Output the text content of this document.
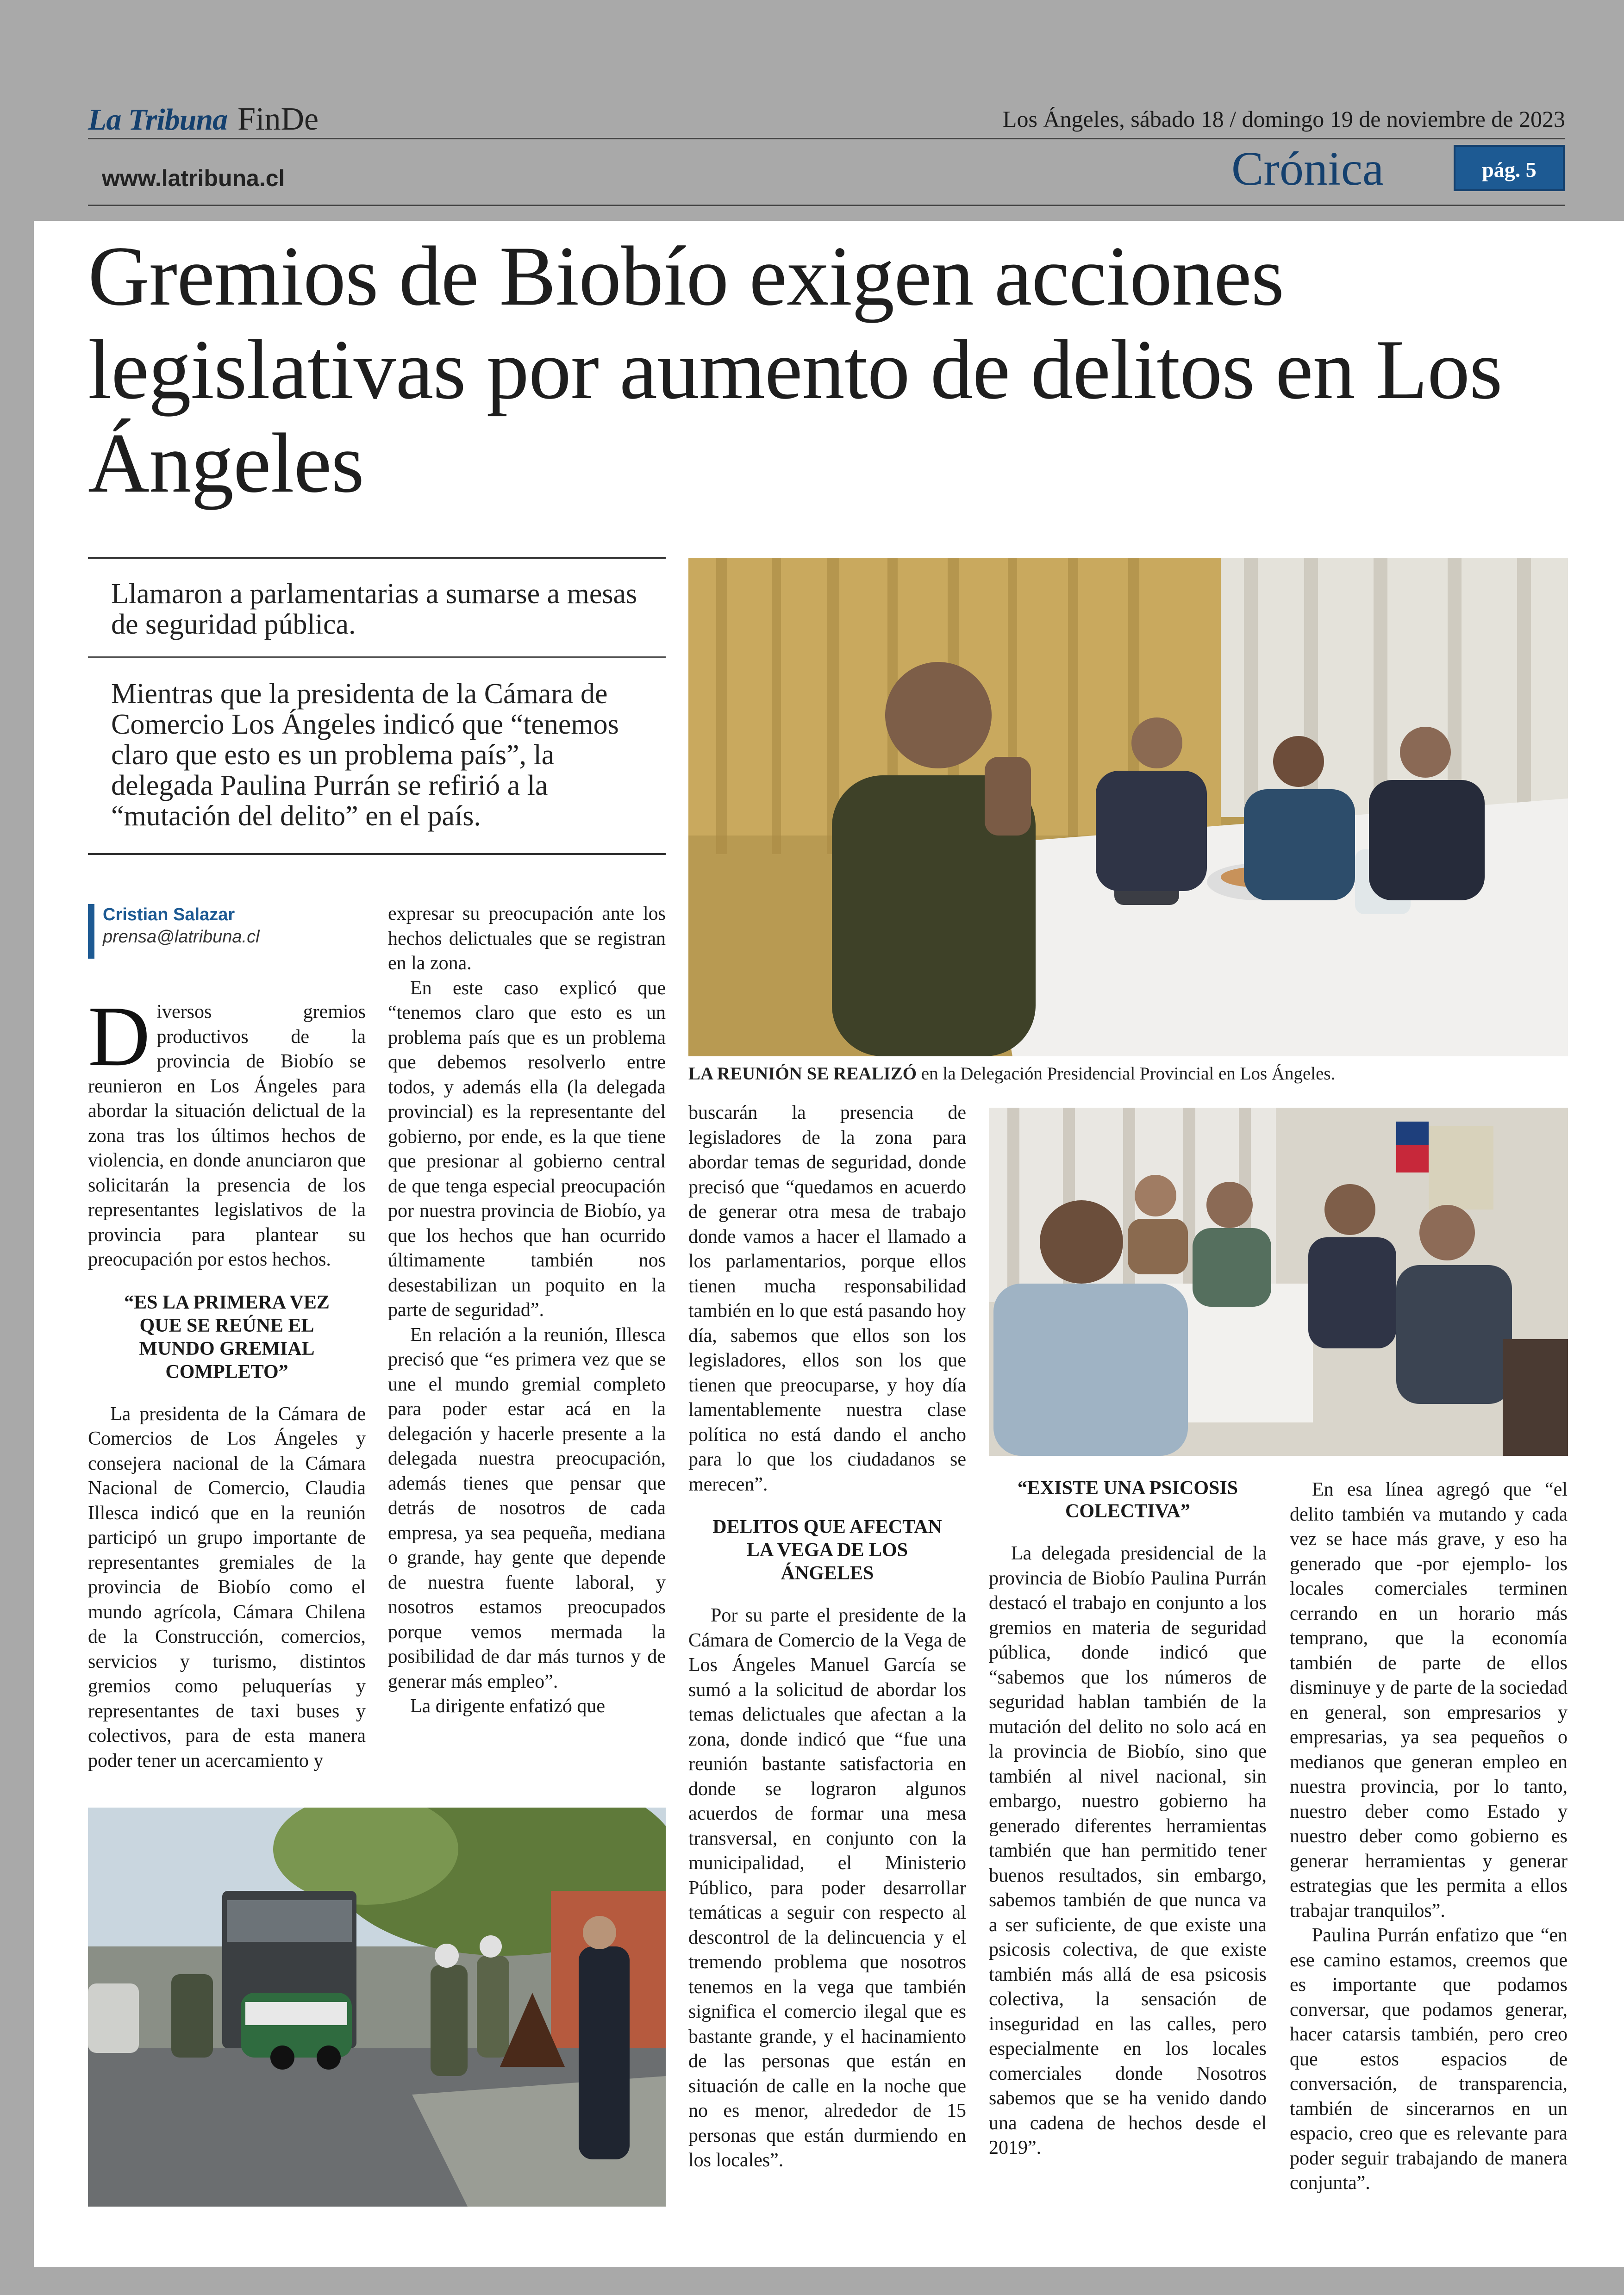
La Tribuna FinDe	Los Ángeles, sábado 18 / domingo 19 de noviembre de 2023
www.latribuna.cl	Crónica	pág. 5
Gremios de Biobío exigen acciones legislativas por aumento de delitos en Los Ángeles
Llamaron a parlamentarias a sumarse a mesas de seguridad pública.
Mientras que la presidenta de la Cámara de Comercio Los Ángeles indicó que “tenemos claro que esto es un problema país”, la delegada Paulina Purrán se refirió a la “mutación del delito” en el país.
Cristian Salazar
prensa@latribuna.cl

Diversos gremios productivos de la provincia de Biobío se reunieron en Los Ángeles para abordar la situación delictual de la zona tras los últimos hechos de violencia, en donde anunciaron que solicitarán la presencia de los representantes legislativos de la provincia para plantear su preocupación por estos hechos.

“ES LA PRIMERA VEZ QUE SE REÚNE EL MUNDO GREMIAL COMPLETO”

La presidenta de la Cámara de Comercios de Los Ángeles y consejera nacional de la Cámara Nacional de Comercio, Claudia Illesca indicó que en la reunión participó un grupo importante de representantes gremiales de la provincia de Biobío como el mundo agrícola, Cámara Chilena de la Construcción, comercios, servicios y turismo, distintos gremios como peluquerías y representantes de taxi buses y colectivos, para de esta manera poder tener un acercamiento y

expresar su preocupación ante los hechos delictuales que se registran en la zona.

En este caso explicó que “tenemos claro que esto es un problema país que es un problema que debemos resolverlo entre todos, y además ella (la delegada provincial) es la representante del gobierno, por ende, es la que tiene que presionar al gobierno central de que tenga especial preocupación por nuestra provincia de Biobío, ya que los hechos que han ocurrido últimamente también nos desestabilizan un poquito en la parte de seguridad”.

En relación a la reunión, Illesca precisó que “es primera vez que se une el mundo gremial completo para poder estar acá en la delegación y hacerle presente a la delegada nuestra preocupación, además tienes que pensar que detrás de nosotros de cada empresa, ya sea pequeña, mediana o grande, hay gente que depende de nuestra fuente laboral, y nosotros estamos preocupados porque vemos mermada la posibilidad de dar más turnos y de generar más empleo”.

La dirigente enfatizó que

LA REUNIÓN SE REALIZÓ en la Delegación Presidencial Provincial en Los Ángeles.

buscarán la presencia de legisladores de la zona para abordar temas de seguridad, donde precisó que “quedamos en acuerdo de generar otra mesa de trabajo donde vamos a hacer el llamado a los parlamentarios, porque ellos tienen mucha responsabilidad también en lo que está pasando hoy día, sabemos que ellos son los legisladores, ellos son los que tienen que preocuparse, y hoy día lamentablemente nuestra clase política no está dando el ancho para lo que los ciudadanos se merecen”.

DELITOS QUE AFECTAN LA VEGA DE LOS ÁNGELES

Por su parte el presidente de la Cámara de Comercio de la Vega de Los Ángeles Manuel García se sumó a la solicitud de abordar los temas delictuales que afectan a la zona, donde indicó que “fue una reunión bastante satisfactoria en donde se lograron algunos acuerdos de formar una mesa transversal, en conjunto con la municipalidad, el Ministerio Público, para poder desarrollar temáticas a seguir con respecto al descontrol de la delincuencia y el tremendo problema que nosotros tenemos en la vega que también significa el comercio ilegal que es bastante grande, y el hacinamiento de las personas que están en situación de calle en la noche que no es menor, alrededor de 15 personas que están durmiendo en los locales”.

“EXISTE UNA PSICOSIS COLECTIVA”

La delegada presidencial de la provincia de Biobío Paulina Purrán destacó el trabajo en conjunto a los gremios en materia de seguridad pública, donde indicó que “sabemos que los números de seguridad hablan también de la mutación del delito no solo acá en la provincia de Biobío, sino que también al nivel nacional, sin embargo, nuestro gobierno ha generado diferentes herramientas también que han permitido tener buenos resultados, sin embargo, sabemos también de que nunca va a ser suficiente, de que existe una psicosis colectiva, de que existe también más allá de esa psicosis colectiva, la sensación de inseguridad en las calles, pero especialmente en los locales comerciales donde Nosotros sabemos que se ha venido dando una cadena de hechos desde el 2019”.

En esa línea agregó que “el delito también va mutando y cada vez se hace más grave, y eso ha generado que -por ejemplo- los locales comerciales terminen cerrando en un horario más temprano, que la economía también de parte de ellos disminuye y de parte de la sociedad en general, son empresarios y empresarias, ya sea pequeños o medianos que generan empleo en nuestra provincia, por lo tanto, nuestro deber como Estado y nuestro deber como gobierno es generar herramientas y generar estrategias que les permita a ellos trabajar tranquilos”.

Paulina Purrán enfatizo que “en ese camino estamos, creemos que es importante que podamos conversar, que podamos generar, hacer catarsis también, pero creo que estos espacios de conversación, de transparencia, también de sincerarnos en un espacio, creo que es relevante para poder seguir trabajando de manera conjunta”.
